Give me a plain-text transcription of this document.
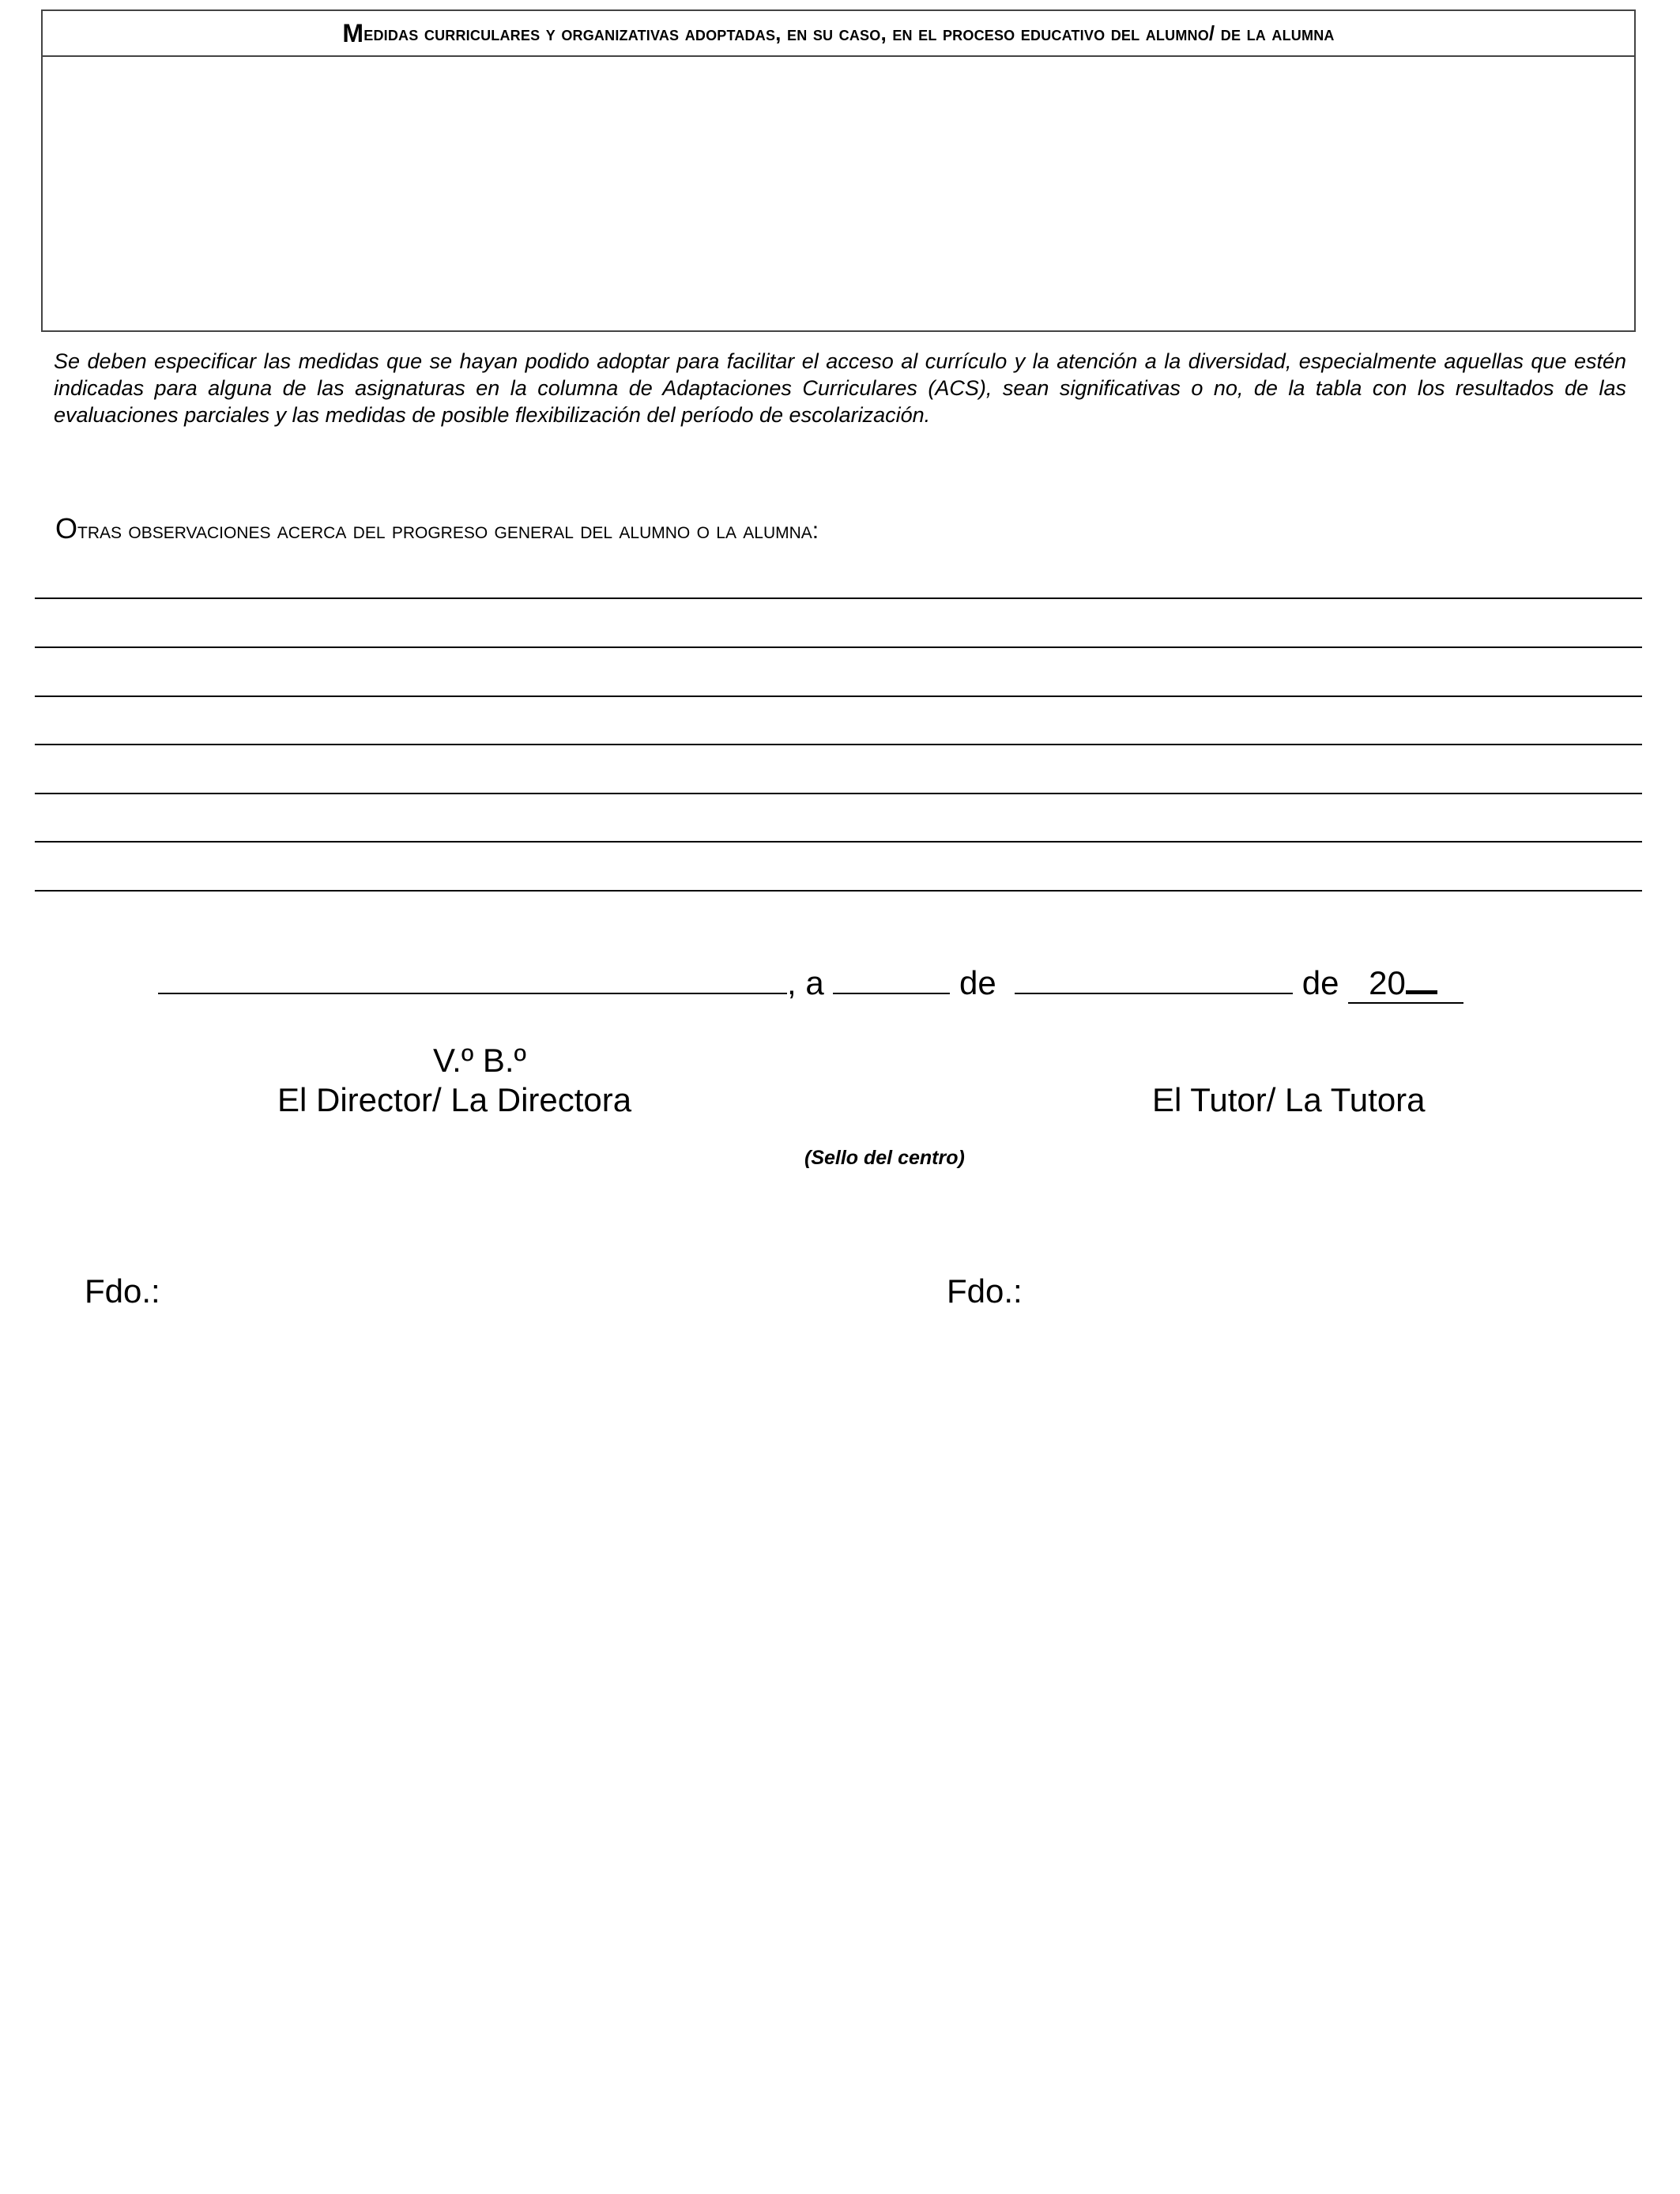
M edidas curriculares y organizativas adoptadas, en su caso, en el proceso educativo del alumno/ de la alumna
Se deben especificar las medidas que se hayan podido adoptar para facilitar el acceso al currículo y la atención a la diversidad, especialmente aquellas que estén indicadas para alguna de las asignaturas en la columna de Adaptaciones Curriculares (ACS), sean significativas o no, de la tabla con los resultados de las evaluaciones parciales y las medidas de posible flexibilización del período de escolarización.
Otras observaciones acerca del progreso general del alumno o la alumna:
, a	de	de 20
V.º B.º
El Director/ La Directora	El Tutor/ La Tutora
(Sello del centro)
Fdo.:	Fdo.:
